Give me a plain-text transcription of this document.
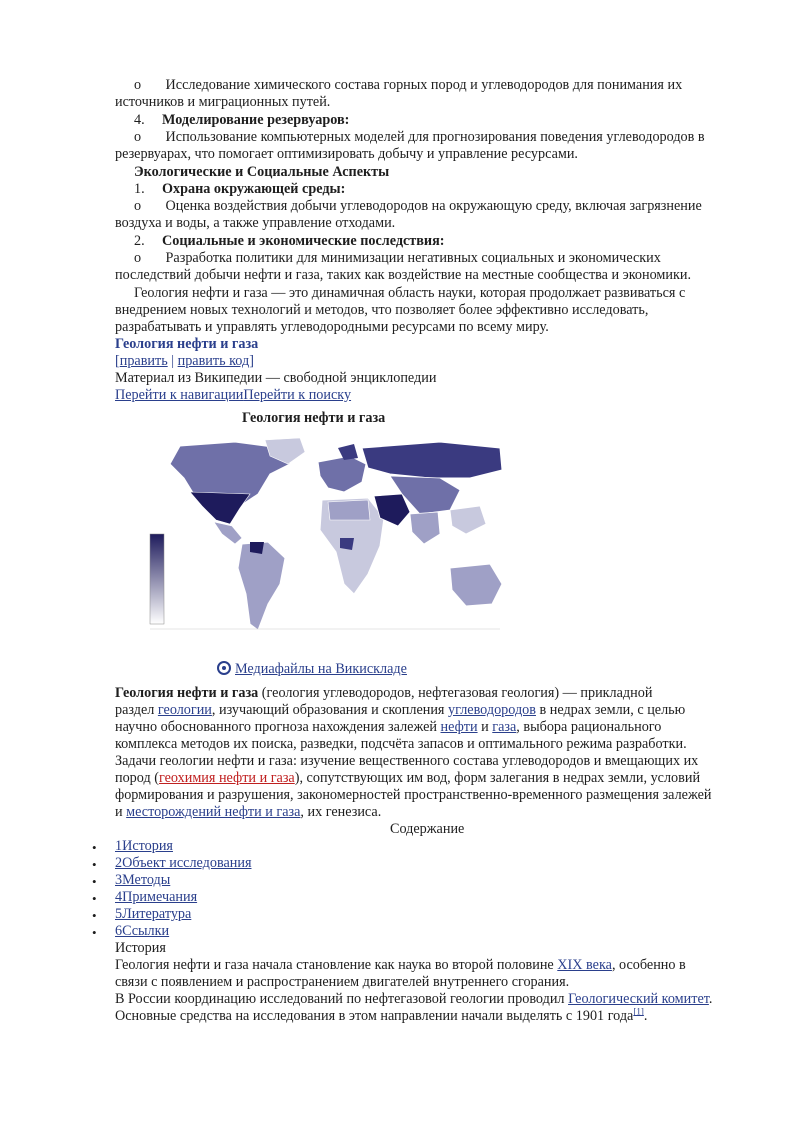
o Исследование химического состава горных пород и углеводородов для понимания их
источников и миграционных путей.
4. Моделирование резервуаров:
o Использование компьютерных моделей для прогнозирования поведения углеводородов в
резервуарах, что помогает оптимизировать добычу и управление ресурсами.
Экологические и Социальные Аспекты
1. Охрана окружающей среды:
o Оценка воздействия добычи углеводородов на окружающую среду, включая загрязнение
воздуха и воды, а также управление отходами.
2. Социальные и экономические последствия:
o Разработка политики для минимизации негативных социальных и экономических
последствий добычи нефти и газа, таких как воздействие на местные сообщества и экономики.
Геология нефти и газа — это динамичная область науки, которая продолжает развиваться с
внедрением новых технологий и методов, что позволяет более эффективно исследовать,
разрабатывать и управлять углеводородными ресурсами по всему миру.
Геология нефти и газа
[править | править код]
Материал из Википедии — свободной энциклопедии
Перейти к навигацииПерейти к поиску
Геология нефти и газа
Медиафайлы на Викискладе
Геология нефти и газа (геология углеводородов, нефтегазовая геология) — прикладной
раздел геологии, изучающий образования и скопления углеводородов в недрах земли, с целью
научно обоснованного прогноза нахождения залежей нефти и газа, выбора рационального
комплекса методов их поиска, разведки, подсчёта запасов и оптимального режима разработки.
Задачи геологии нефти и газа: изучение вещественного состава углеводородов и вмещающих их
пород (геохимия нефти и газа), сопутствующих им вод, форм залегания в недрах земли, условий
формирования и разрушения, закономерностей пространственно-временного размещения залежей
и месторождений нефти и газа, их генезиса.
Содержание
• 1История
• 2Объект исследования
• 3Методы
• 4Примечания
• 5Литература
• 6Ссылки
История
Геология нефти и газа начала становление как наука во второй половине XIX века, особенно в
связи с появлением и распространением двигателей внутреннего сгорания.
В России координацию исследований по нефтегазовой геологии проводил Геологический комитет.
Основные средства на исследования в этом направлении начали выделять с 1901 года[1].
